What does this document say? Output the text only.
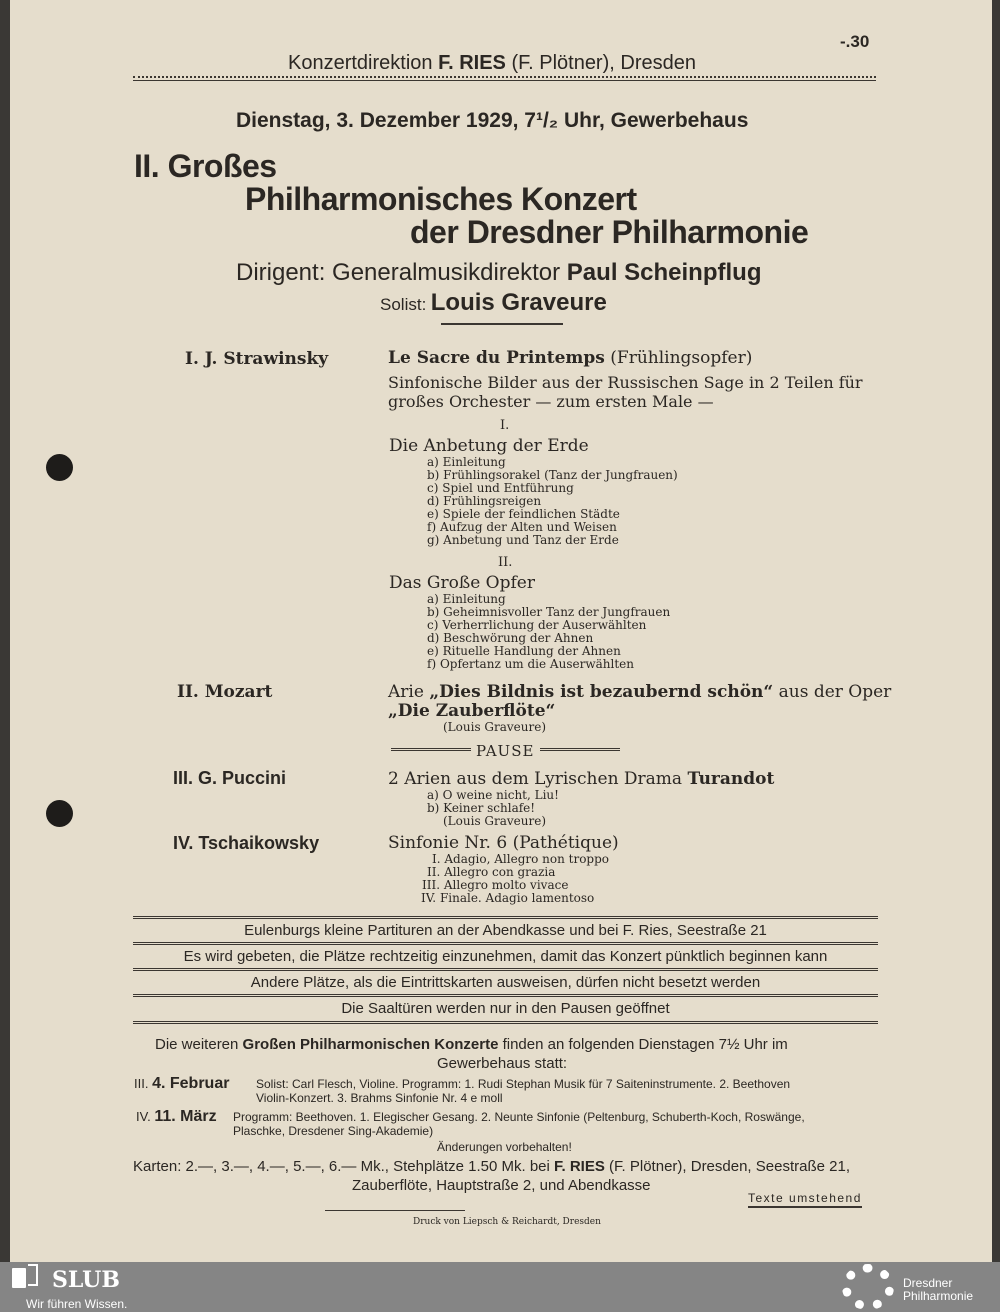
-.30
Konzertdirektion F. RIES (F. Plötner), Dresden
Dienstag, 3. Dezember 1929, 7¹/₂ Uhr, Gewerbehaus
II. Großes
Philharmonisches Konzert
der Dresdner Philharmonie
Dirigent: Generalmusikdirektor Paul Scheinpflug
Solist: Louis Graveure
I. J. Strawinsky	Le Sacre du Printemps (Frühlingsopfer)
Sinfonische Bilder aus der Russischen Sage in 2 Teilen für
großes Orchester — zum ersten Male —
I.
Die Anbetung der Erde
a) Einleitung
b) Frühlingsorakel (Tanz der Jungfrauen)
c) Spiel und Entführung
d) Frühlingsreigen
e) Spiele der feindlichen Städte
f) Aufzug der Alten und Weisen
g) Anbetung und Tanz der Erde
II.
Das Große Opfer
a) Einleitung
b) Geheimnisvoller Tanz der Jungfrauen
c) Verherrlichung der Auserwählten
d) Beschwörung der Ahnen
e) Rituelle Handlung der Ahnen
f) Opfertanz um die Auserwählten
II. Mozart	Arie „Dies Bildnis ist bezaubernd schön“ aus der Oper
„Die Zauberflöte“
(Louis Graveure)
PAUSE
III. G. Puccini	2 Arien aus dem Lyrischen Drama Turandot
a) O weine nicht, Liu!
b) Keiner schlafe!
(Louis Graveure)
IV. Tschaikowsky	Sinfonie Nr. 6 (Pathétique)
I. Adagio, Allegro non troppo
II. Allegro con grazia
III. Allegro molto vivace
IV. Finale. Adagio lamentoso
Eulenburgs kleine Partituren an der Abendkasse und bei F. Ries, Seestraße 21
Es wird gebeten, die Plätze rechtzeitig einzunehmen, damit das Konzert pünktlich beginnen kann
Andere Plätze, als die Eintrittskarten ausweisen, dürfen nicht besetzt werden
Die Saaltüren werden nur in den Pausen geöffnet
Die weiteren Großen Philharmonischen Konzerte finden an folgenden Dienstagen 7½ Uhr im
Gewerbehaus statt:
III. 4. Februar Solist: Carl Flesch, Violine. Programm: 1. Rudi Stephan Musik für 7 Saiteninstrumente. 2. Beethoven
Violin-Konzert. 3. Brahms Sinfonie Nr. 4 e moll
IV. 11. März Programm: Beethoven. 1. Elegischer Gesang. 2. Neunte Sinfonie (Peltenburg, Schuberth-Koch, Roswänge,
Plaschke, Dresdener Sing-Akademie)
Änderungen vorbehalten!
Karten: 2.—, 3.—, 4.—, 5.—, 6.— Mk., Stehplätze 1.50 Mk. bei F. RIES (F. Plötner), Dresden, Seestraße 21,
Zauberflöte, Hauptstraße 2, und Abendkasse
Texte umstehend
Druck von Liepsch & Reichardt, Dresden
SLUB
Wir führen Wissen.
Dresdner
Philharmonie
